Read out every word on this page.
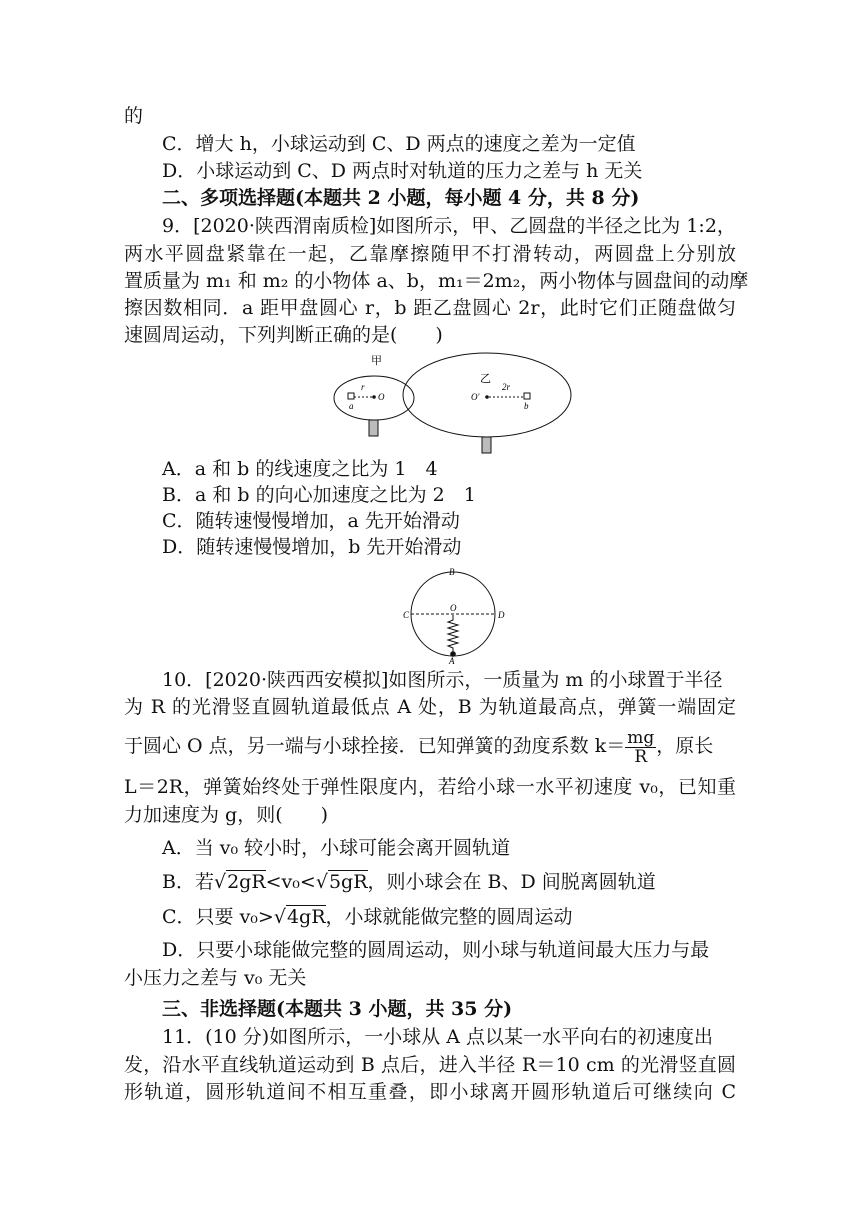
的
C．增大 h，小球运动到 C、D 两点的速度之差为一定值
D．小球运动到 C、D 两点时对轨道的压力之差与 h 无关
二、多项选择题(本题共 2 小题，每小题 4 分，共 8 分)
9．[2020·陕西渭南质检]如图所示，甲、乙圆盘的半径之比为 1:2，
两水平圆盘紧靠在一起，乙靠摩擦随甲不打滑转动，两圆盘上分别放
置质量为 m₁ 和 m₂ 的小物体 a、b，m₁＝2m₂，两小物体与圆盘间的动摩
擦因数相同．a 距甲盘圆心 r，b 距乙盘圆心 2r，此时它们正随盘做匀
速圆周运动，下列判断正确的是(　　)
甲
乙
r
a
O	O′
2r
b
A．a 和 b 的线速度之比为 1　4
B．a 和 b 的向心加速度之比为 2　1
C．随转速慢慢增加，a 先开始滑动
D．随转速慢慢增加，b 先开始滑动
B
C	D
O
A
10．[2020·陕西西安模拟]如图所示，一质量为 m 的小球置于半径
为 R 的光滑竖直圆轨道最低点 A 处，B 为轨道最高点，弹簧一端固定
于圆心 O 点，另一端与小球拴接．已知弹簧的劲度系数 $k= \frac{mg}{R}$ ，原长
L＝2R，弹簧始终处于弹性限度内，若给小球一水平初速度 v₀，已知重
力加速度为 g，则(　　)
A．当 v₀ 较小时，小球可能会离开圆轨道
B．若√2gR<v₀<√5gR，则小球会在 B、D 间脱离圆轨道
C．只要 v₀>√4gR，小球就能做完整的圆周运动
D．只要小球能做完整的圆周运动，则小球与轨道间最大压力与最
小压力之差与 v₀ 无关
三、非选择题(本题共 3 小题，共 35 分)
11．(10 分)如图所示，一小球从 A 点以某一水平向右的初速度出
发，沿水平直线轨道运动到 B 点后，进入半径 R＝10 cm 的光滑竖直圆
形轨道，圆形轨道间不相互重叠，即小球离开圆形轨道后可继续向 C
